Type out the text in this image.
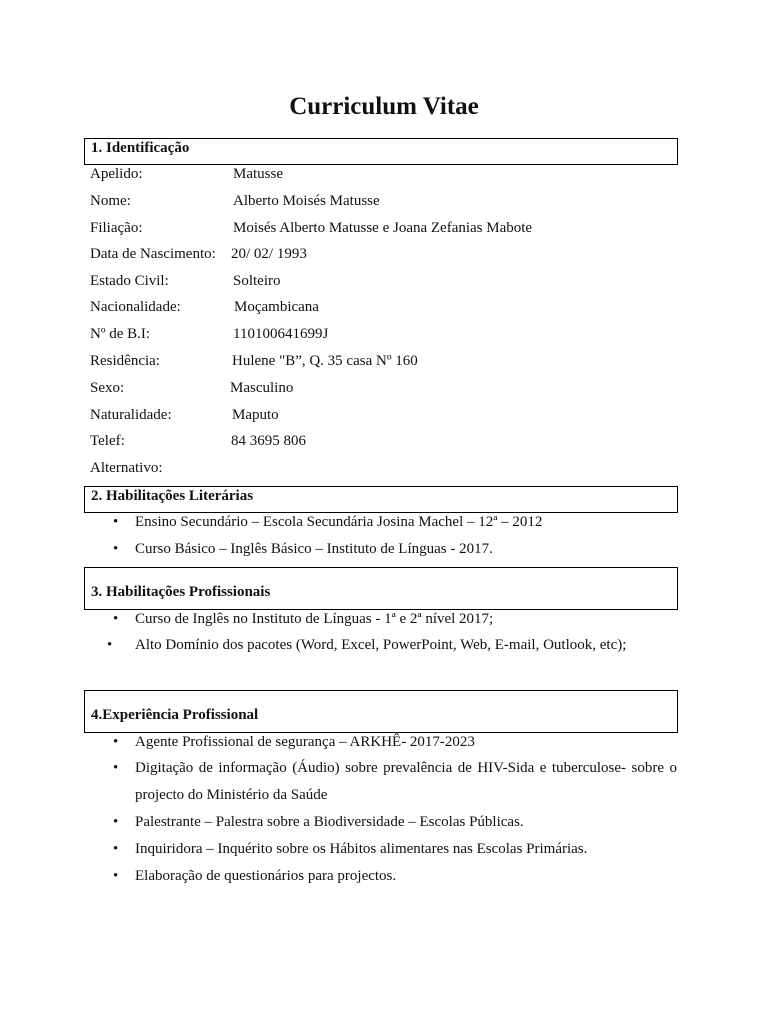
Curriculum Vitae
1. Identificação
Apelido:	Matusse
Nome:	Alberto Moisés Matusse
Filiação:	Moisés Alberto Matusse e Joana Zefanias Mabote
Data de Nascimento: 20/ 02/ 1993
Estado Civil:	Solteiro
Nacionalidade:	Moçambicana
Nº de B.I:	110100641699J
Residência:	Hulene "B”, Q. 35 casa Nº 160
Sexo:	Masculino
Naturalidade:	Maputo
Telef:	84 3695 806
Alternativo:
2. Habilitações Literárias
• Ensino Secundário – Escola Secundária Josina Machel – 12ª – 2012
• Curso Básico – Inglês Básico – Instituto de Línguas - 2017.
3. Habilitações Profissionais
• Curso de Inglês no Instituto de Línguas - 1ª e 2ª nível 2017;
• Alto Domínio dos pacotes (Word, Excel, PowerPoint, Web, E-mail, Outlook, etc);
4.Experiência Profissional
• Agente Profissional de segurança – ARKHÊ- 2017-2023
• Digitação de informação (Áudio) sobre prevalência de HIV-Sida e tuberculose- sobre o projecto do Ministério da Saúde
• Palestrante – Palestra sobre a Biodiversidade – Escolas Públicas.
• Inquiridora – Inquérito sobre os Hábitos alimentares nas Escolas Primárias.
• Elaboração de questionários para projectos.
